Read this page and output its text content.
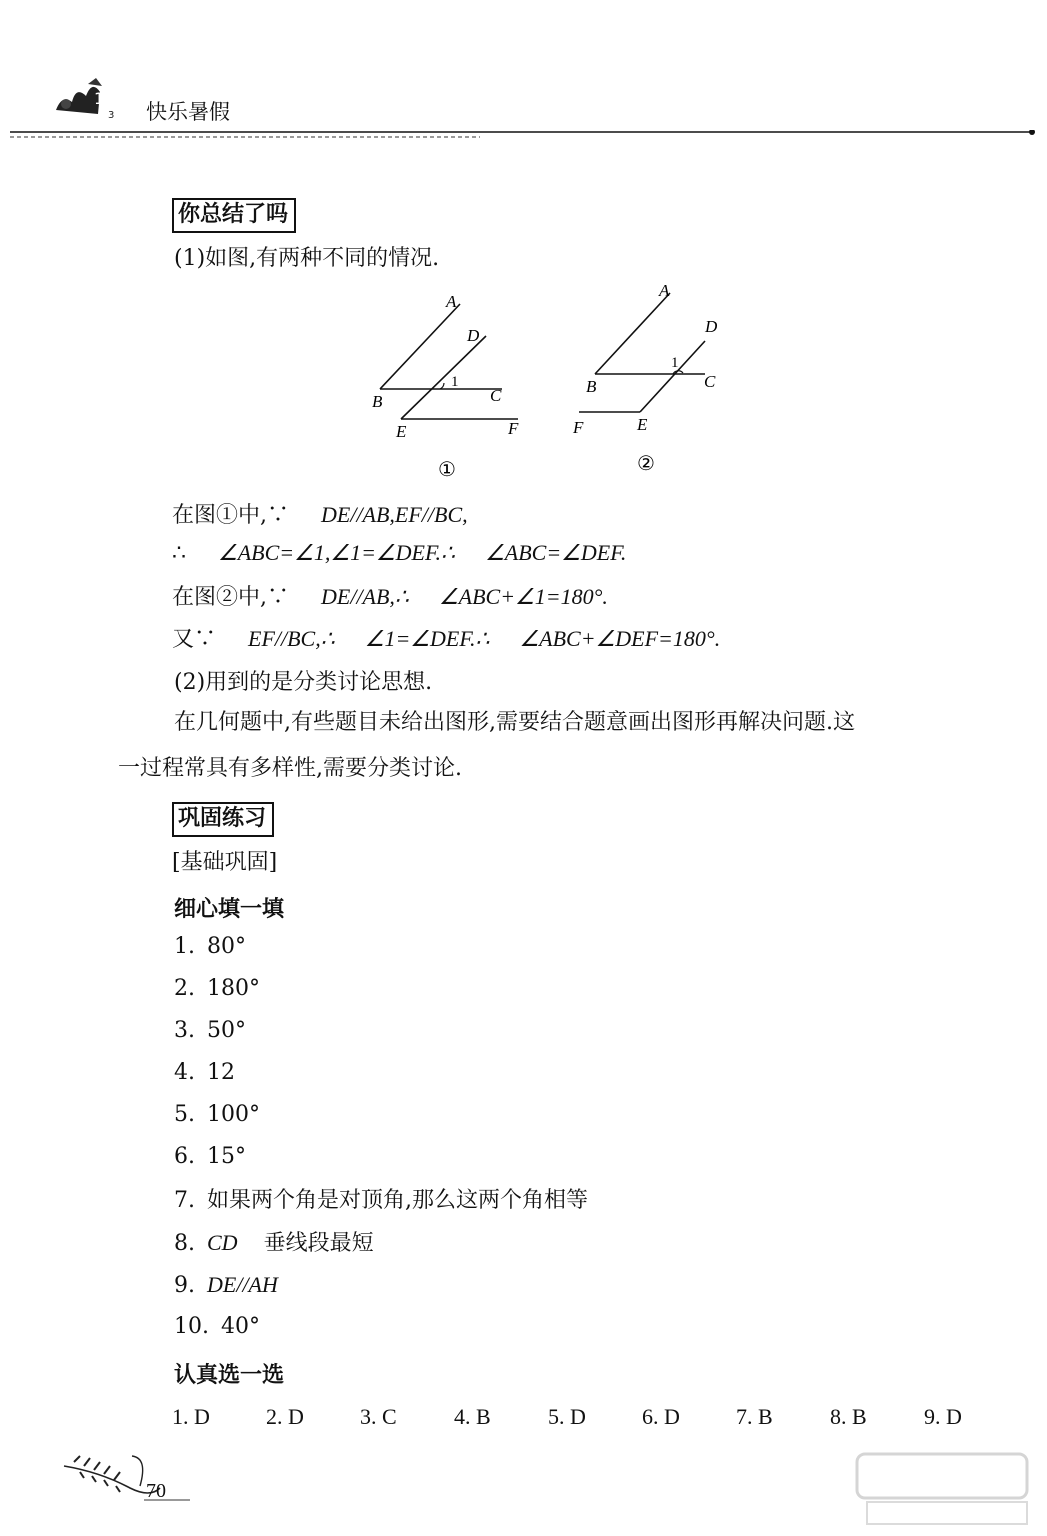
1
3 快乐暑假
你总结了吗
(1)如图,有两种不同的情况.
A
D
1
C
B
E	F
①
A
D
1
C
B
F	E
②
在图①中,∵ DE//AB,EF//BC,
∴ ∠ABC=∠1,∠1=∠DEF.∴ ∠ABC=∠DEF.
在图②中,∵ DE//AB,∴ ∠ABC+∠1=180°.
又∵ EF//BC,∴ ∠1=∠DEF.∴ ∠ABC+∠DEF=180°.
(2)用到的是分类讨论思想.
在几何题中,有些题目未给出图形,需要结合题意画出图形再解决问题.这
一过程常具有多样性,需要分类讨论.
巩固练习
[基础巩固]
细心填一填
1. 80°
2. 180°
3. 50°
4. 12
5. 100°
6. 15°
7. 如果两个角是对顶角,那么这两个角相等
8. CD 垂线段最短
9. DE//AH
10. 40°
认真选一选
1. D	2. D	3. C	4. B	5. D	6. D	7. B	8. B	9. D
70
